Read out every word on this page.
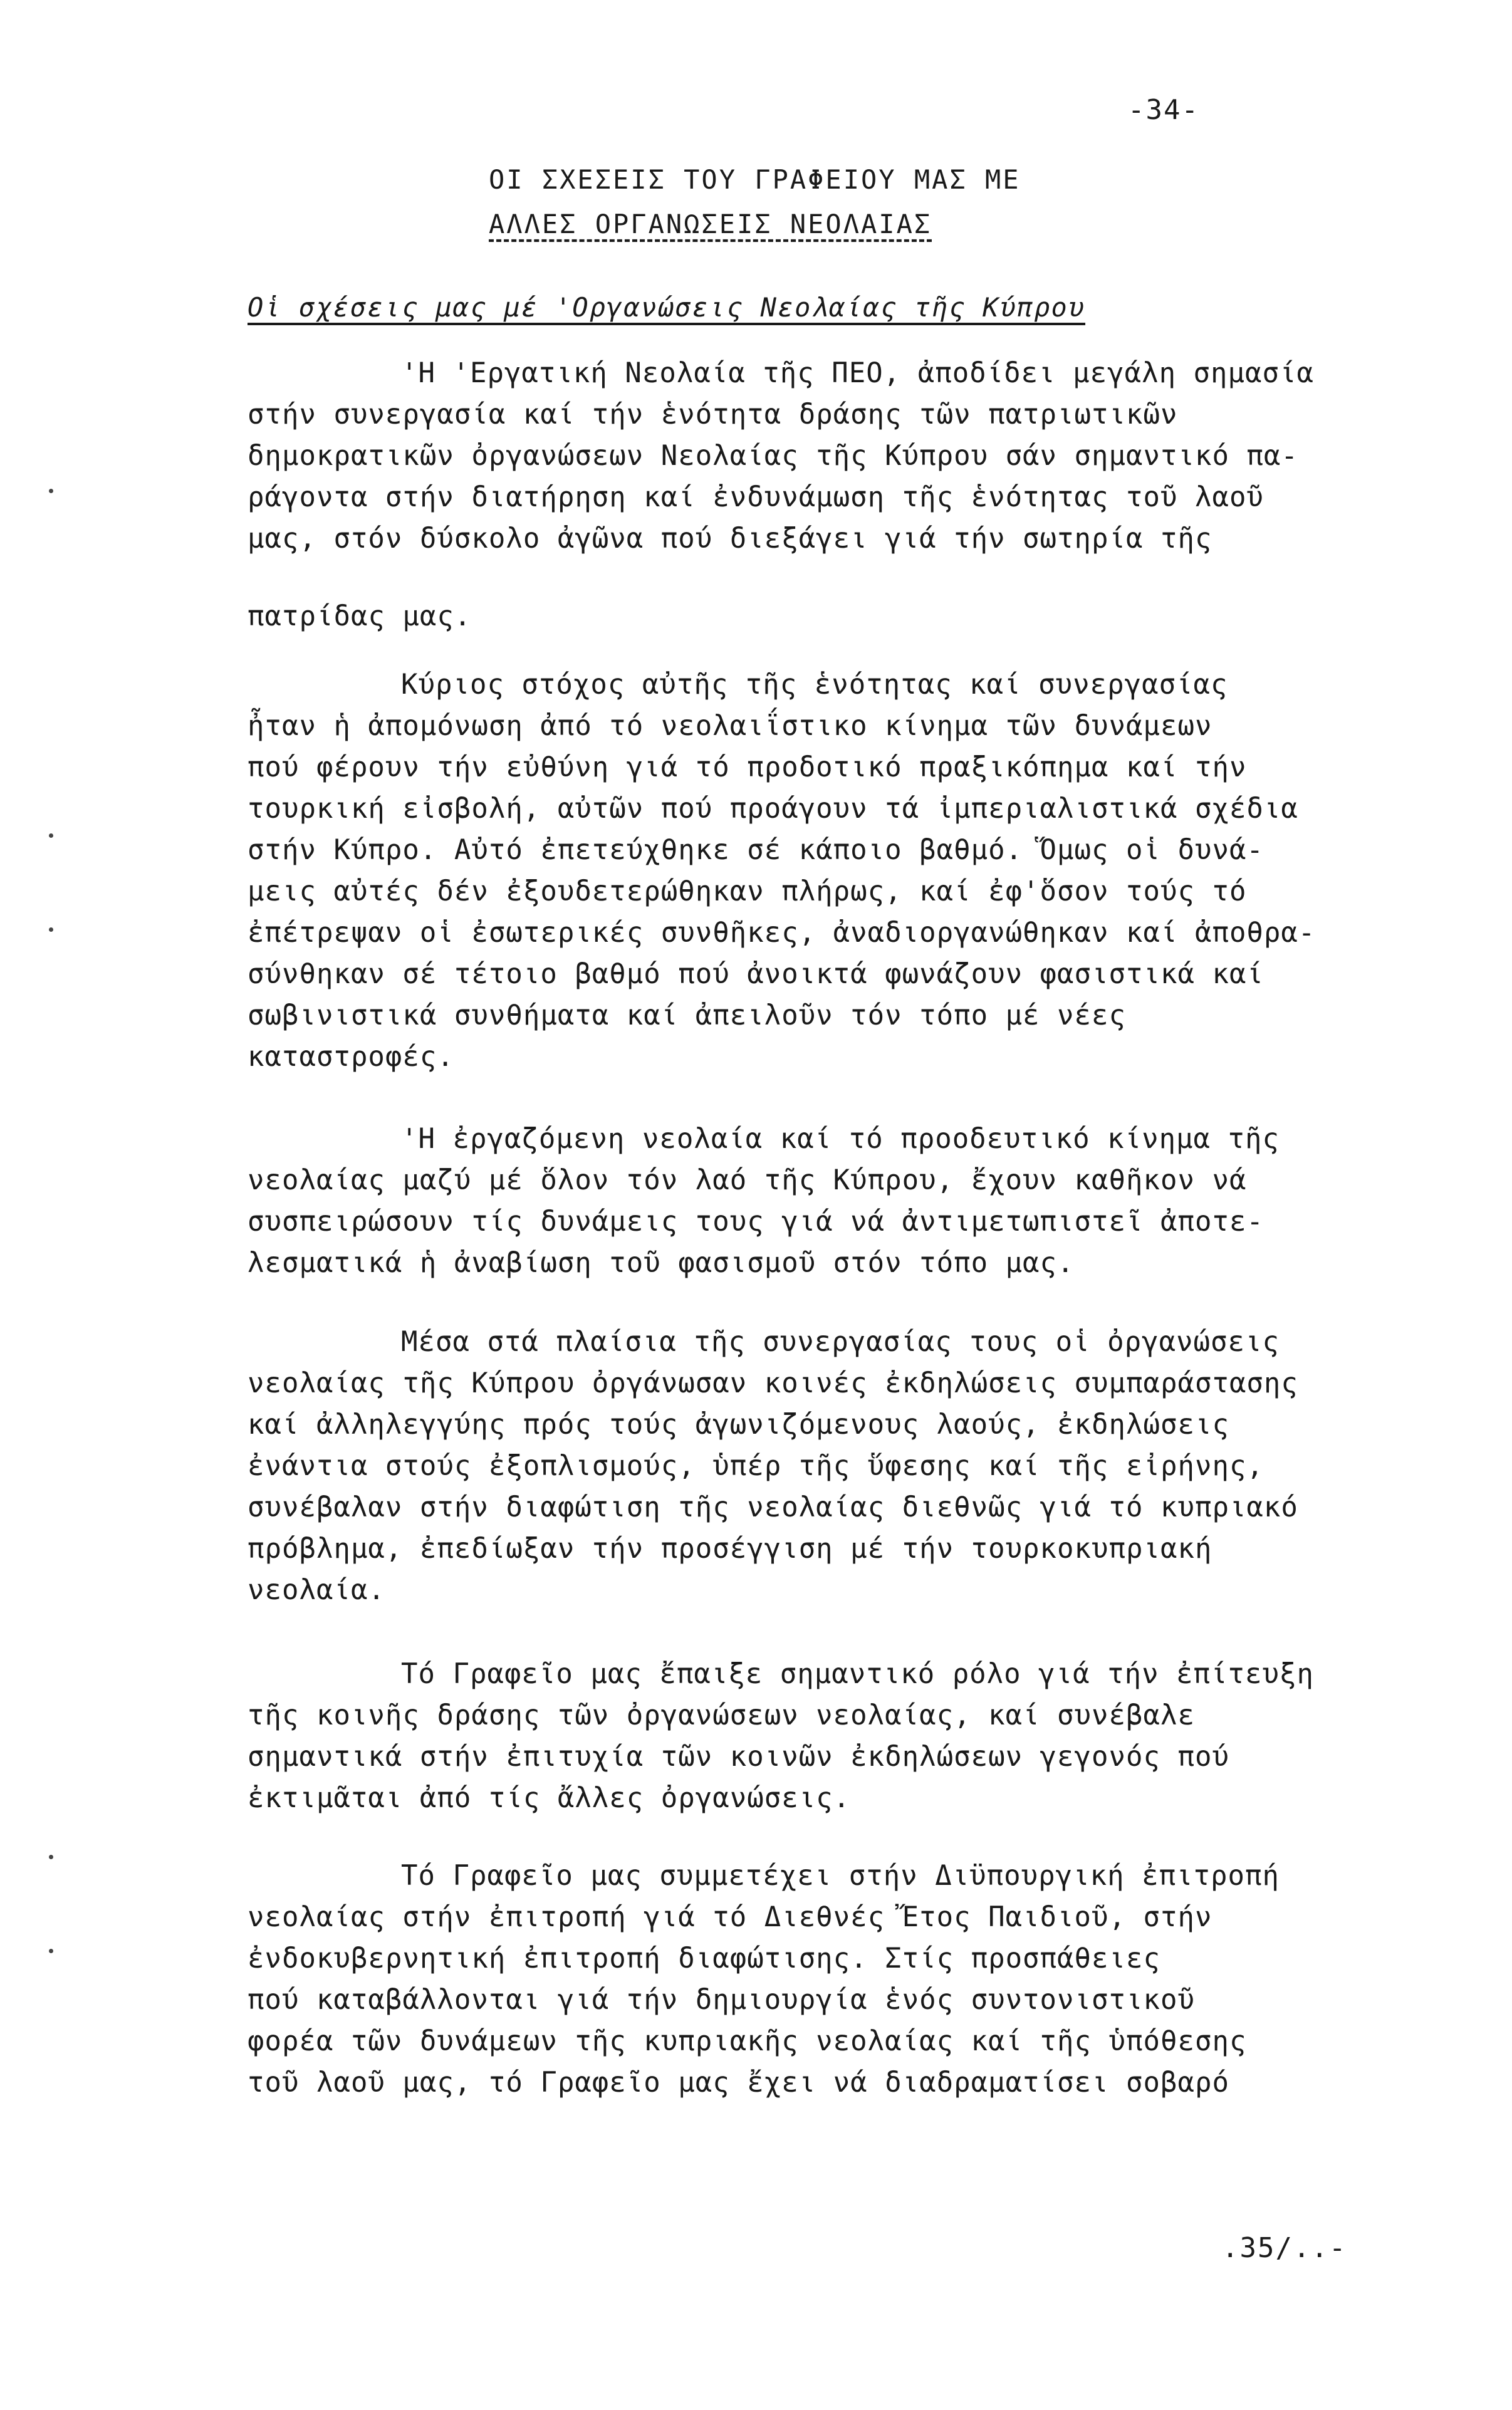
-34-
ΟΙ ΣΧΕΣΕΙΣ ΤΟΥ ΓΡΑΦΕΙΟΥ ΜΑΣ ΜΕ
ΑΛΛΕΣ ΟΡΓΑΝΩΣΕΙΣ ΝΕΟΛΑΙΑΣ
Οἱ σχέσεις μας μέ 'Οργανώσεις Νεολαίας τῆς Κύπρου
'Η 'Εργατική Νεολαία τῆς ΠΕΟ, ἀποδίδει μεγάλη σημασία
στήν συνεργασία καί τήν ἑνότητα δράσης τῶν πατριωτικῶν
δημοκρατικῶν ὀργανώσεων Νεολαίας τῆς Κύπρου σάν σημαντικό πα-
ράγοντα στήν διατήρηση καί ἐνδυνάμωση τῆς ἑνότητας τοῦ λαοῦ
μας, στόν δύσκολο ἀγῶνα πού διεξάγει γιά τήν σωτηρία τῆς
πατρίδας μας.
Κύριος στόχος αὐτῆς τῆς ἑνότητας καί συνεργασίας
ἦταν ἡ ἀπομόνωση ἀπό τό νεολαιΐστικο κίνημα τῶν δυνάμεων
πού φέρουν τήν εὐθύνη γιά τό προδοτικό πραξικόπημα καί τήν
τουρκική εἰσβολή, αὐτῶν πού προάγουν τά ἰμπεριαλιστικά σχέδια
στήν Κύπρο. Αὐτό ἐπετεύχθηκε σέ κάποιο βαθμό. Ὅμως οἱ δυνά-
μεις αὐτές δέν ἐξουδετερώθηκαν πλήρως, καί ἐφ'ὅσον τούς τό
ἐπέτρεψαν οἱ ἐσωτερικές συνθῆκες, ἀναδιοργανώθηκαν καί ἀποθρα-
σύνθηκαν σέ τέτοιο βαθμό πού ἀνοικτά φωνάζουν φασιστικά καί
σωβινιστικά συνθήματα καί ἀπειλοῦν τόν τόπο μέ νέες
καταστροφές.
'Η ἐργαζόμενη νεολαία καί τό προοδευτικό κίνημα τῆς
νεολαίας μαζύ μέ ὅλον τόν λαό τῆς Κύπρου, ἔχουν καθῆκον νά
συσπειρώσουν τίς δυνάμεις τους γιά νά ἀντιμετωπιστεῖ ἀποτε-
λεσματικά ἡ ἀναβίωση τοῦ φασισμοῦ στόν τόπο μας.
Μέσα στά πλαίσια τῆς συνεργασίας τους οἱ ὀργανώσεις
νεολαίας τῆς Κύπρου ὀργάνωσαν κοινές ἐκδηλώσεις συμπαράστασης
καί ἀλληλεγγύης πρός τούς ἀγωνιζόμενους λαούς, ἐκδηλώσεις
ἐνάντια στούς ἐξοπλισμούς, ὑπέρ τῆς ὕφεσης καί τῆς εἰρήνης,
συνέβαλαν στήν διαφώτιση τῆς νεολαίας διεθνῶς γιά τό κυπριακό
πρόβλημα, ἐπεδίωξαν τήν προσέγγιση μέ τήν τουρκοκυπριακή
νεολαία.
Τό Γραφεῖο μας ἔπαιξε σημαντικό ρόλο γιά τήν ἐπίτευξη
τῆς κοινῆς δράσης τῶν ὀργανώσεων νεολαίας, καί συνέβαλε
σημαντικά στήν ἐπιτυχία τῶν κοινῶν ἐκδηλώσεων γεγονός πού
ἐκτιμᾶται ἀπό τίς ἄλλες ὀργανώσεις.
Τό Γραφεῖο μας συμμετέχει στήν Διϋπουργική ἐπιτροπή
νεολαίας στήν ἐπιτροπή γιά τό Διεθνές Ἔτος Παιδιοῦ, στήν
ἐνδοκυβερνητική ἐπιτροπή διαφώτισης. Στίς προσπάθειες
πού καταβάλλονται γιά τήν δημιουργία ἑνός συντονιστικοῦ
φορέα τῶν δυνάμεων τῆς κυπριακῆς νεολαίας καί τῆς ὑπόθεσης
τοῦ λαοῦ μας, τό Γραφεῖο μας ἔχει νά διαδραματίσει σοβαρό
.35/..-
